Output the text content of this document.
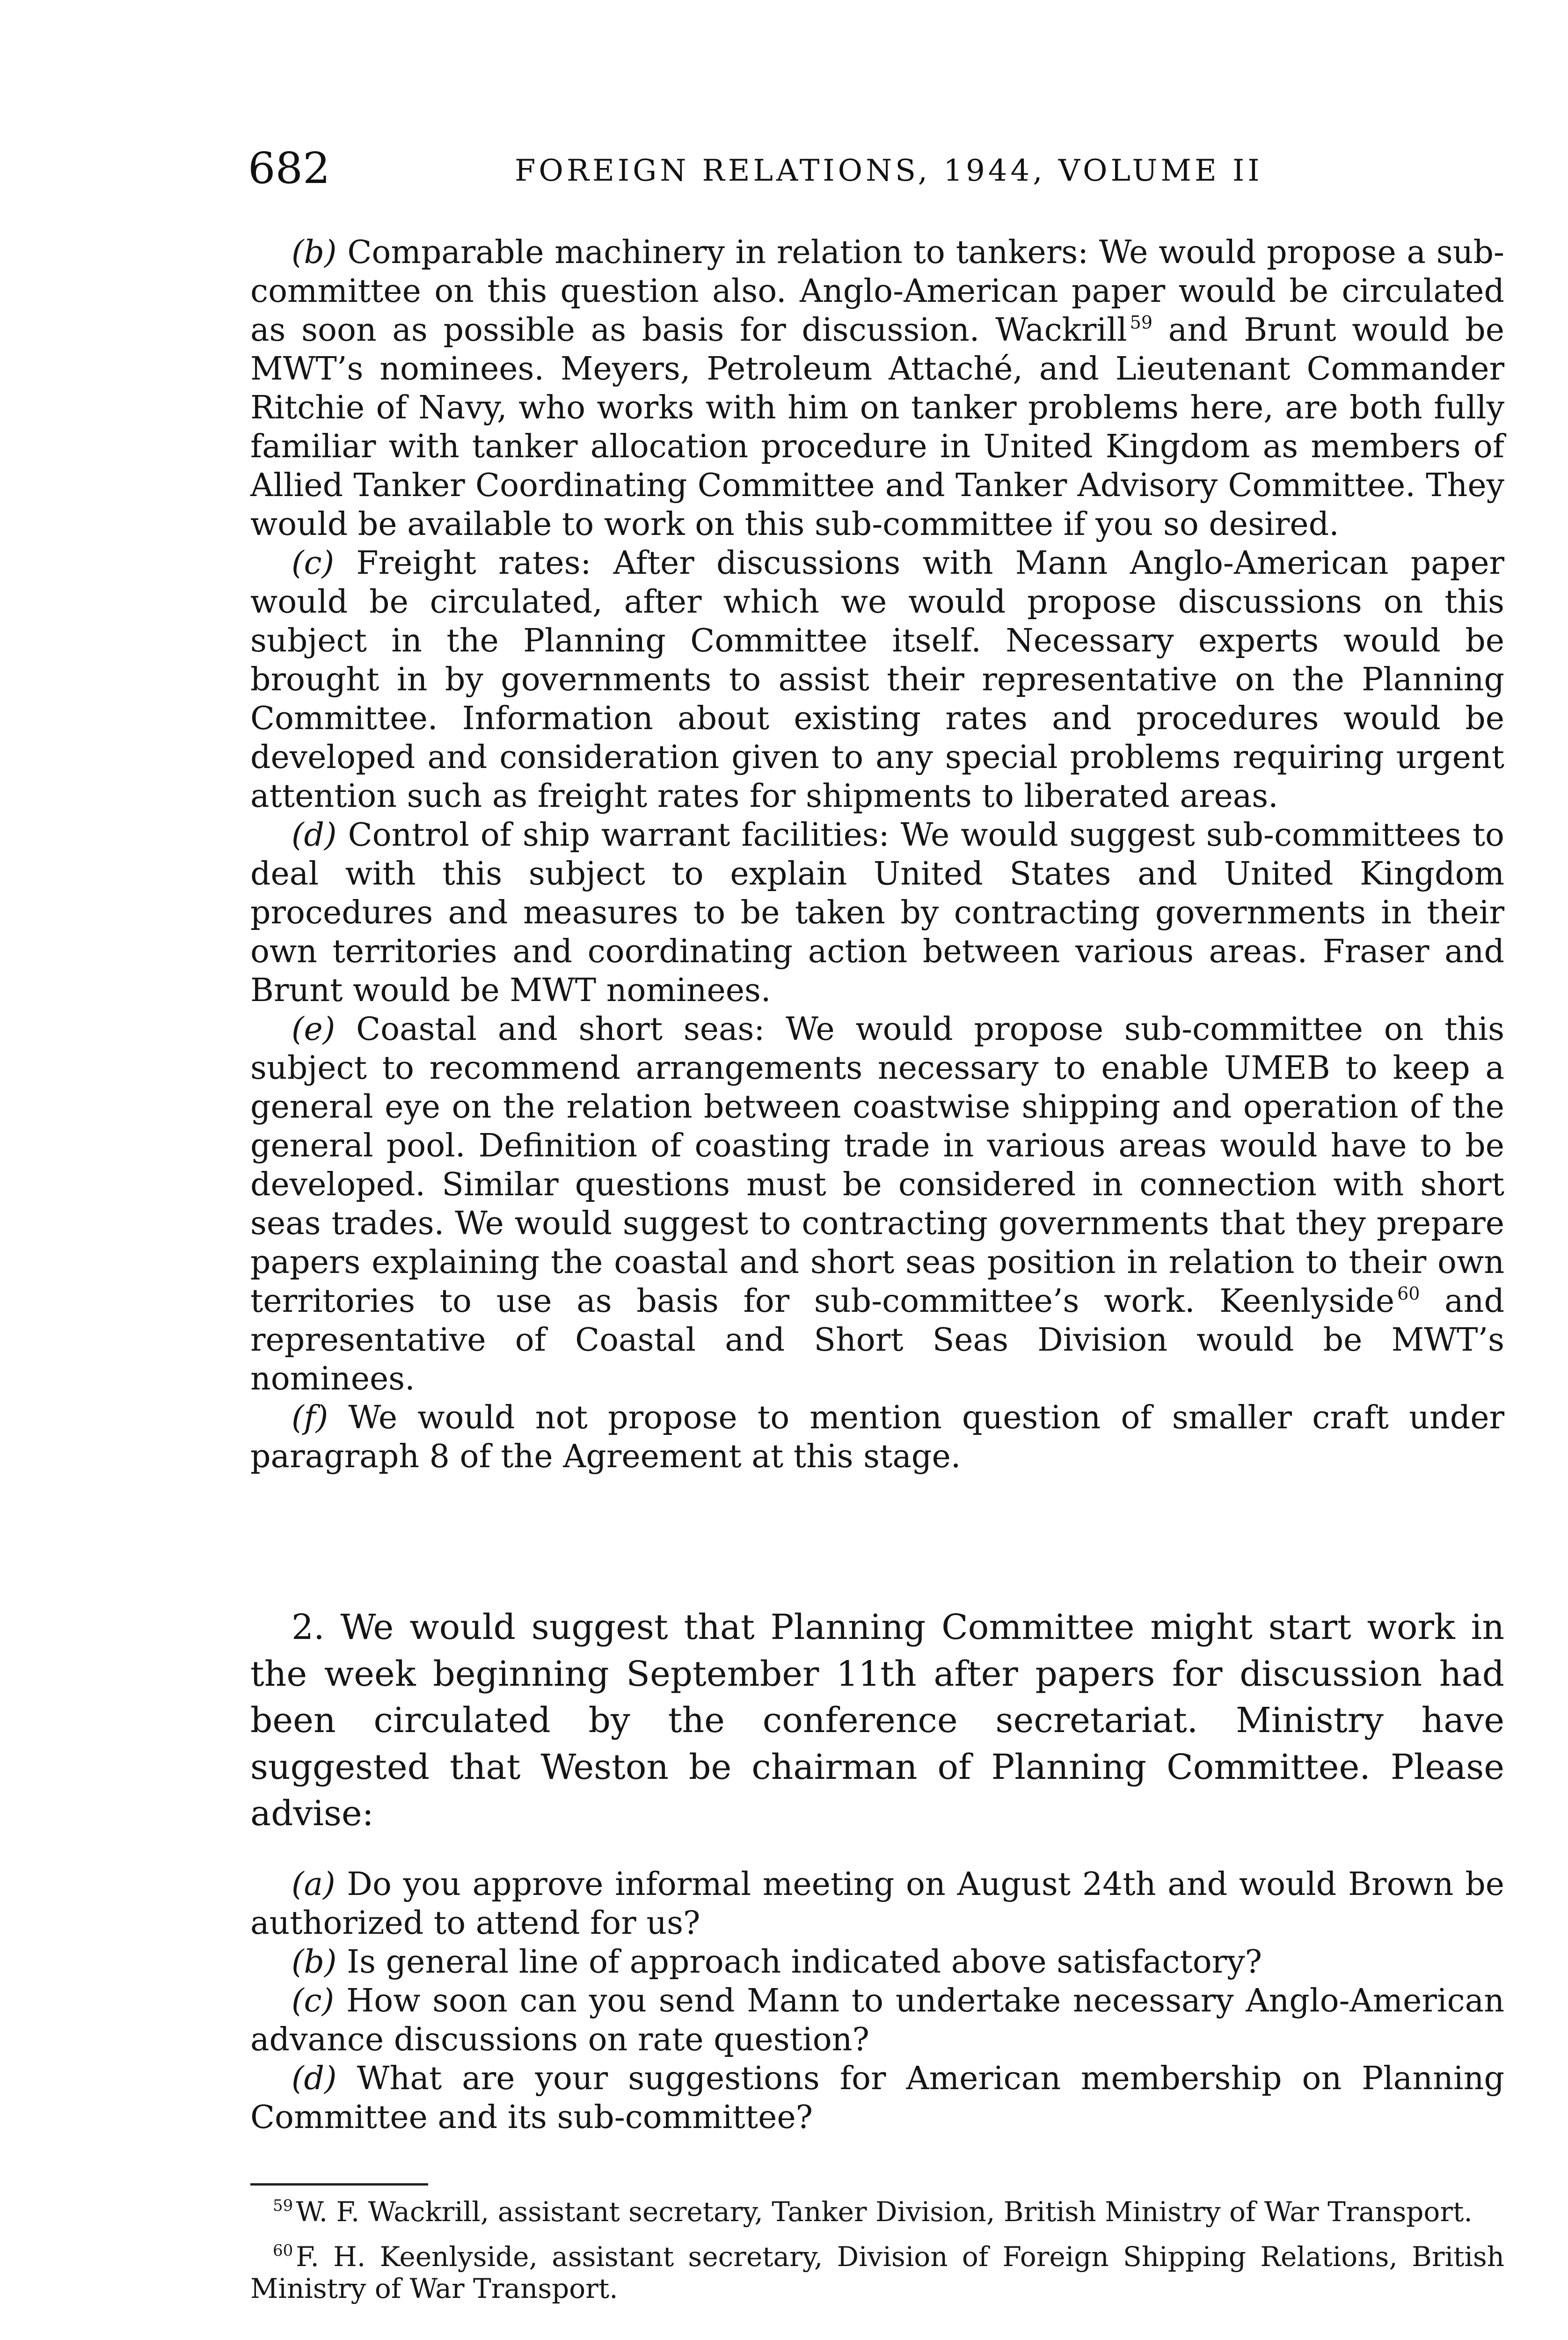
682	FOREIGN RELATIONS, 1944, VOLUME II

(b) Comparable machinery in relation to tankers: We would propose a sub-committee on this question also. Anglo-American paper would be circulated as soon as possible as basis for discussion. Wackrill $^{59}$ and Brunt would be MWT’s nominees. Meyers, Petroleum Attaché, and Lieutenant Commander Ritchie of Navy, who works with him on tanker problems here, are both fully familiar with tanker allocation procedure in United Kingdom as members of Allied Tanker Coordinating Committee and Tanker Advisory Committee. They would be available to work on this sub-committee if you so desired.

(c) Freight rates: After discussions with Mann Anglo-American paper would be circulated, after which we would propose discussions on this subject in the Planning Committee itself. Necessary experts would be brought in by governments to assist their representative on the Planning Committee. Information about existing rates and procedures would be developed and consideration given to any special problems requiring urgent attention such as freight rates for shipments to liberated areas.

(d) Control of ship warrant facilities: We would suggest sub-committees to deal with this subject to explain United States and United Kingdom procedures and measures to be taken by contracting governments in their own territories and coordinating action between various areas. Fraser and Brunt would be MWT nominees.

(e) Coastal and short seas: We would propose sub-committee on this subject to recommend arrangements necessary to enable UMEB to keep a general eye on the relation between coastwise shipping and operation of the general pool. Definition of coasting trade in various areas would have to be developed. Similar questions must be considered in connection with short seas trades. We would suggest to contracting governments that they prepare papers explaining the coastal and short seas position in relation to their own territories to use as basis for sub-committee’s work. Keenlyside $^{60}$ and representative of Coastal and Short Seas Division would be MWT’s nominees.

(f) We would not propose to mention question of smaller craft under paragraph 8 of the Agreement at this stage.

2. We would suggest that Planning Committee might start work in the week beginning September 11th after papers for discussion had been circulated by the conference secretariat. Ministry have suggested that Weston be chairman of Planning Committee. Please advise:

(a) Do you approve informal meeting on August 24th and would Brown be authorized to attend for us?

(b) Is general line of approach indicated above satisfactory?

(c) How soon can you send Mann to undertake necessary Anglo-American advance discussions on rate question?

(d) What are your suggestions for American membership on Planning Committee and its sub-committee?

$^{59}$ W. F. Wackrill, assistant secretary, Tanker Division, British Ministry of War Transport.

$^{60}$ F. H. Keenlyside, assistant secretary, Division of Foreign Shipping Relations, British Ministry of War Transport.
